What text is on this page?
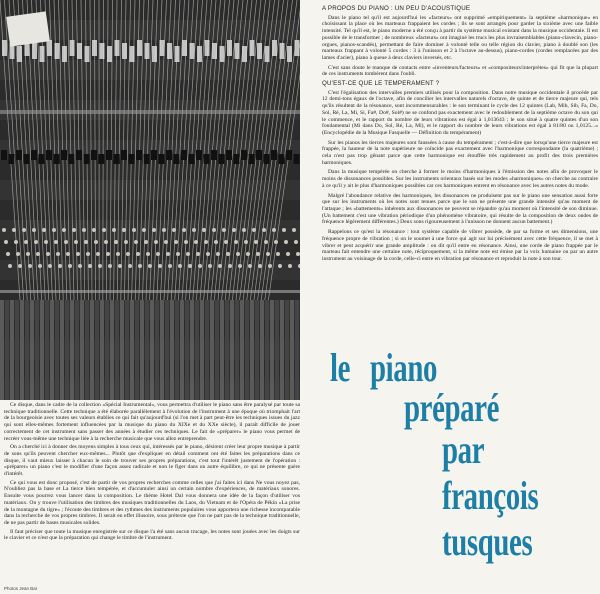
Ce disque, dans le cadre de la collection «Spécial Instrumental», vous permettra d'utiliser le piano sans être paralysé par toute sa technique traditionnelle. Cette technique a été élaborée parallèlement à l'évolution de l'instrument à une époque où triomphait l'art de la bourgeoisie avec toutes ses valeurs établies ce qui fait qu'aujourd'hui (si l'on met à part peut-être les techniques issues du jazz qui sont elles-mêmes fortement influencées par la musique du piano du XIXe et du XXe siècle), il paraît difficile de jouer correctement de cet instrument sans passer des années à étudier ces techniques. Le fait de «préparer» le piano vous permet de recréer vous-même une technique liée à la recherche musicale que vous allez entreprendre.

On a cherché ici à donner des moyens simples à tous ceux qui, intéressés par le piano, désirent créer leur propre musique à partir de sons qu'ils peuvent chercher eux-mêmes... Plutôt que d'expliquer en détail comment ont été faites les préparations dans ce disque, il vaut mieux laisser à chacun le soin de trouver ses propres préparations, c'est tout l'intérêt justement de l'opération : «préparer» un piano c'est le modifier d'une façon assez radicale et non le figer dans un autre équilibre, ce qui ne présente guère d'intérêt.

Ce qui vous est donc proposé, c'est de partir de vos propres recherches comme celles que j'ai faites ici dans Ne vous noyez pas, N'oubliez pas la base et La tierce bien tempérée, et d'accumuler ainsi un certain nombre d'expériences, de matériaux sonores. Ensuite vous pourrez vous lancer dans la composition. Le thème Hotel Dal vous donnera une idée de la façon d'utiliser vos matériaux. On y trouve l'utilisation des timbres des musiques traditionnelles du Laos, du Vietnam et de l'Opéra de Pékin «La prise de la montagne du tigre» ; l'écoute des timbres et des rythmes des instruments populaires vous apportera une richesse incomparable dans la recherche de vos propres timbres. Il serait en effet illusoire, sous prétexte que l'on ne part pas de la technique traditionnelle, de ne pas partir de bases musicales solides.

Il faut préciser que toute la musique enregistrée sur ce disque l'a été sans aucun trucage, les notes sont jouées avec les doigts sur le clavier et ce n'est que la préparation qui change le timbre de l'instrument.

Photos Jean Bar
A PROPOS DU PIANO : UN PEU D'ACOUSTIQUE

Dans le piano tel qu'il est aujourd'hui les «facteurs» ont supprimé «empiriquement» la septième «harmonique» en choisissant la place où les marteaux frappaient les cordes ; ils se sont arrangés pour garder la sixième avec une faible intensité. Tel qu'il est, le piano moderne a été conçu à partir du système musical existant dans la musique occidentale. Il est possible de le transformer ; de nombreux «facteurs» ont imaginé les trucs les plus invraisemblables (piano-clavecin, piano-orgues, pianos-scandés), permettant de faire dominer à volonté telle ou telle région du clavier, piano à doublé son (les marteaux frappant à volonté 5 cordes : 3 à l'unisson et 2 à l'octave au-dessus), piano-cordes (cordes remplacées par des lames d'acier), piano à queue à deux claviers inversés, etc.

C'est sans doute le manque de contacts entre «inventeurs/facteurs» et «compositeurs/interprètes» qui fit que la plupart de ces instruments tombèrent dans l'oubli.

QU'EST-CE QUE LE TEMPERAMENT ?

C'est l'égalisation des intervalles premiers utilisés pour la composition. Dans notre musique occidentale il procède par 12 demi-tons égaux de l'octave, afin de concilier les intervalles naturels d'octave, de quinte et de tierce majeure qui, tels qu'ils résultent de la résonance, sont incommensurables : le son terminant le cycle des 12 quintes (Lab, Mib, Sib, Fa, Do, Sol, Ré, La, Mi, Si, Fa#, Do#, Sol#) ne se confond pas exactement avec le redoublement de la septième octave du son qui le commence, et le rapport du nombre de leurs vibrations est égal à 1,013643 ; le son situé à quatre quintes d'un son fondamental (Mi dans Do, Sol, Ré, La, Mi), et le rapport du nombre de leurs vibrations est égal à 81/80 ou 1,0125...» (Encyclopédie de la Musique Fasquelle — Définition du tempérament)

Sur les pianos les tierces majeures sont faussées à cause du tempérament ; c'est-à-dire que lorsqu'une tierce majeure est frappée, la hauteur de la note supérieure ne coïncide pas exactement avec l'harmonique correspondante (la quatrième) ; cela n'est pas trop gênant parce que cette harmonique est étouffée très rapidement au profit des trois premières harmoniques.

Dans la musique tempérée on cherche à former le moins d'harmoniques à l'émission des notes afin de provoquer le moins de dissonances possibles. Sur les instruments orientaux basés sur les modes «harmoniques» on cherche au contraire à ce qu'il y ait le plus d'harmoniques possibles car ces harmoniques entrent en résonance avec les autres notes du mode.

Malgré l'abondance relative des harmoniques, les dissonances ne produisent pas sur le piano une sensation aussi forte que sur les instruments où les notes sont tenues parce que le son ne présente une grande intensité qu'au moment de l'attaque ; les «battements» inhérents aux dissonances ne peuvent se répandre qu'au moment où l'intensité de son diminue. (Un battement c'est une vibration périodique d'un phénomène vibratoire, qui résulte de la composition de deux ondes de fréquence légèrement différentes.) Deux sons rigoureusement à l'unisson ne donnent aucun battement.)

Rappelons ce qu'est la résonance : tout système capable de vibrer possède, de par sa forme et ses dimensions, une fréquence propre de vibration ; si on le soumet à une force qui agit sur lui précisément avec cette fréquence, il se met à vibrer et peut acquérir une grande amplitude : on dit qu'il entre en résonance. Ainsi, une corde de piano frappée par le marteau fait entendre une certaine note, réciproquement, si la même note est émise par la voix humaine ou par un autre instrument au voisinage de la corde, celle-ci entre en vibration par résonance et reproduit la note à son tour.

le piano
préparé
par
françois
tusques
